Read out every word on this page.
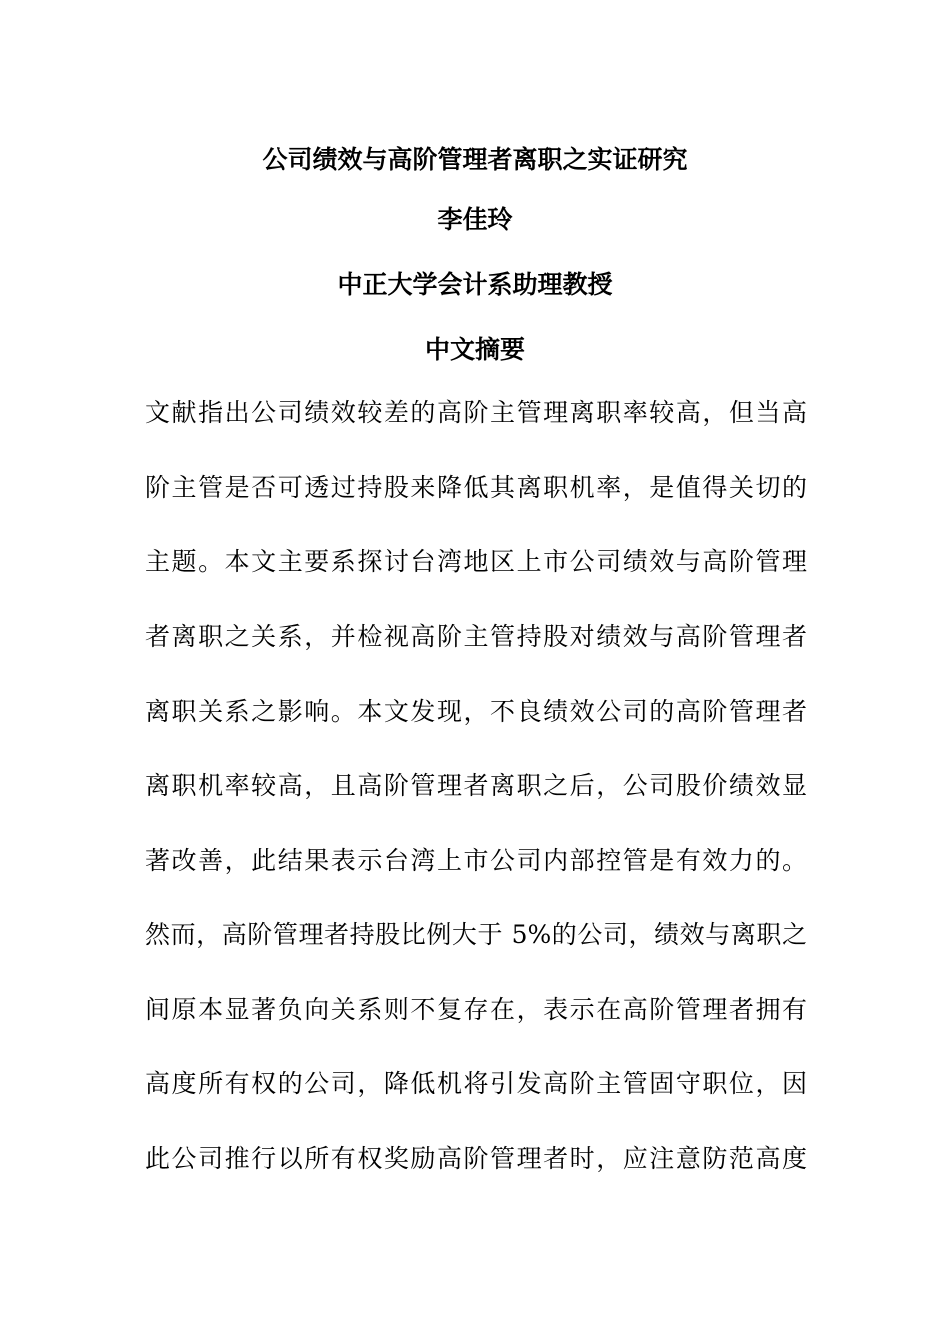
公司绩效与高阶管理者离职之实证研究
李佳玲
中正大学会计系助理教授
中文摘要
文献指出公司绩效较差的高阶主管理离职率较高，但当高
阶主管是否可透过持股来降低其离职机率，是值得关切的
主题。本文主要系探讨台湾地区上市公司绩效与高阶管理
者离职之关系，并检视高阶主管持股对绩效与高阶管理者
离职关系之影响。本文发现，不良绩效公司的高阶管理者
离职机率较高，且高阶管理者离职之后，公司股价绩效显
著改善，此结果表示台湾上市公司内部控管是有效力的。
然而，高阶管理者持股比例大于 5%的公司，绩效与离职之
间原本显著负向关系则不复存在，表示在高阶管理者拥有
高度所有权的公司，降低机将引发高阶主管固守职位，因
此公司推行以所有权奖励高阶管理者时，应注意防范高度
